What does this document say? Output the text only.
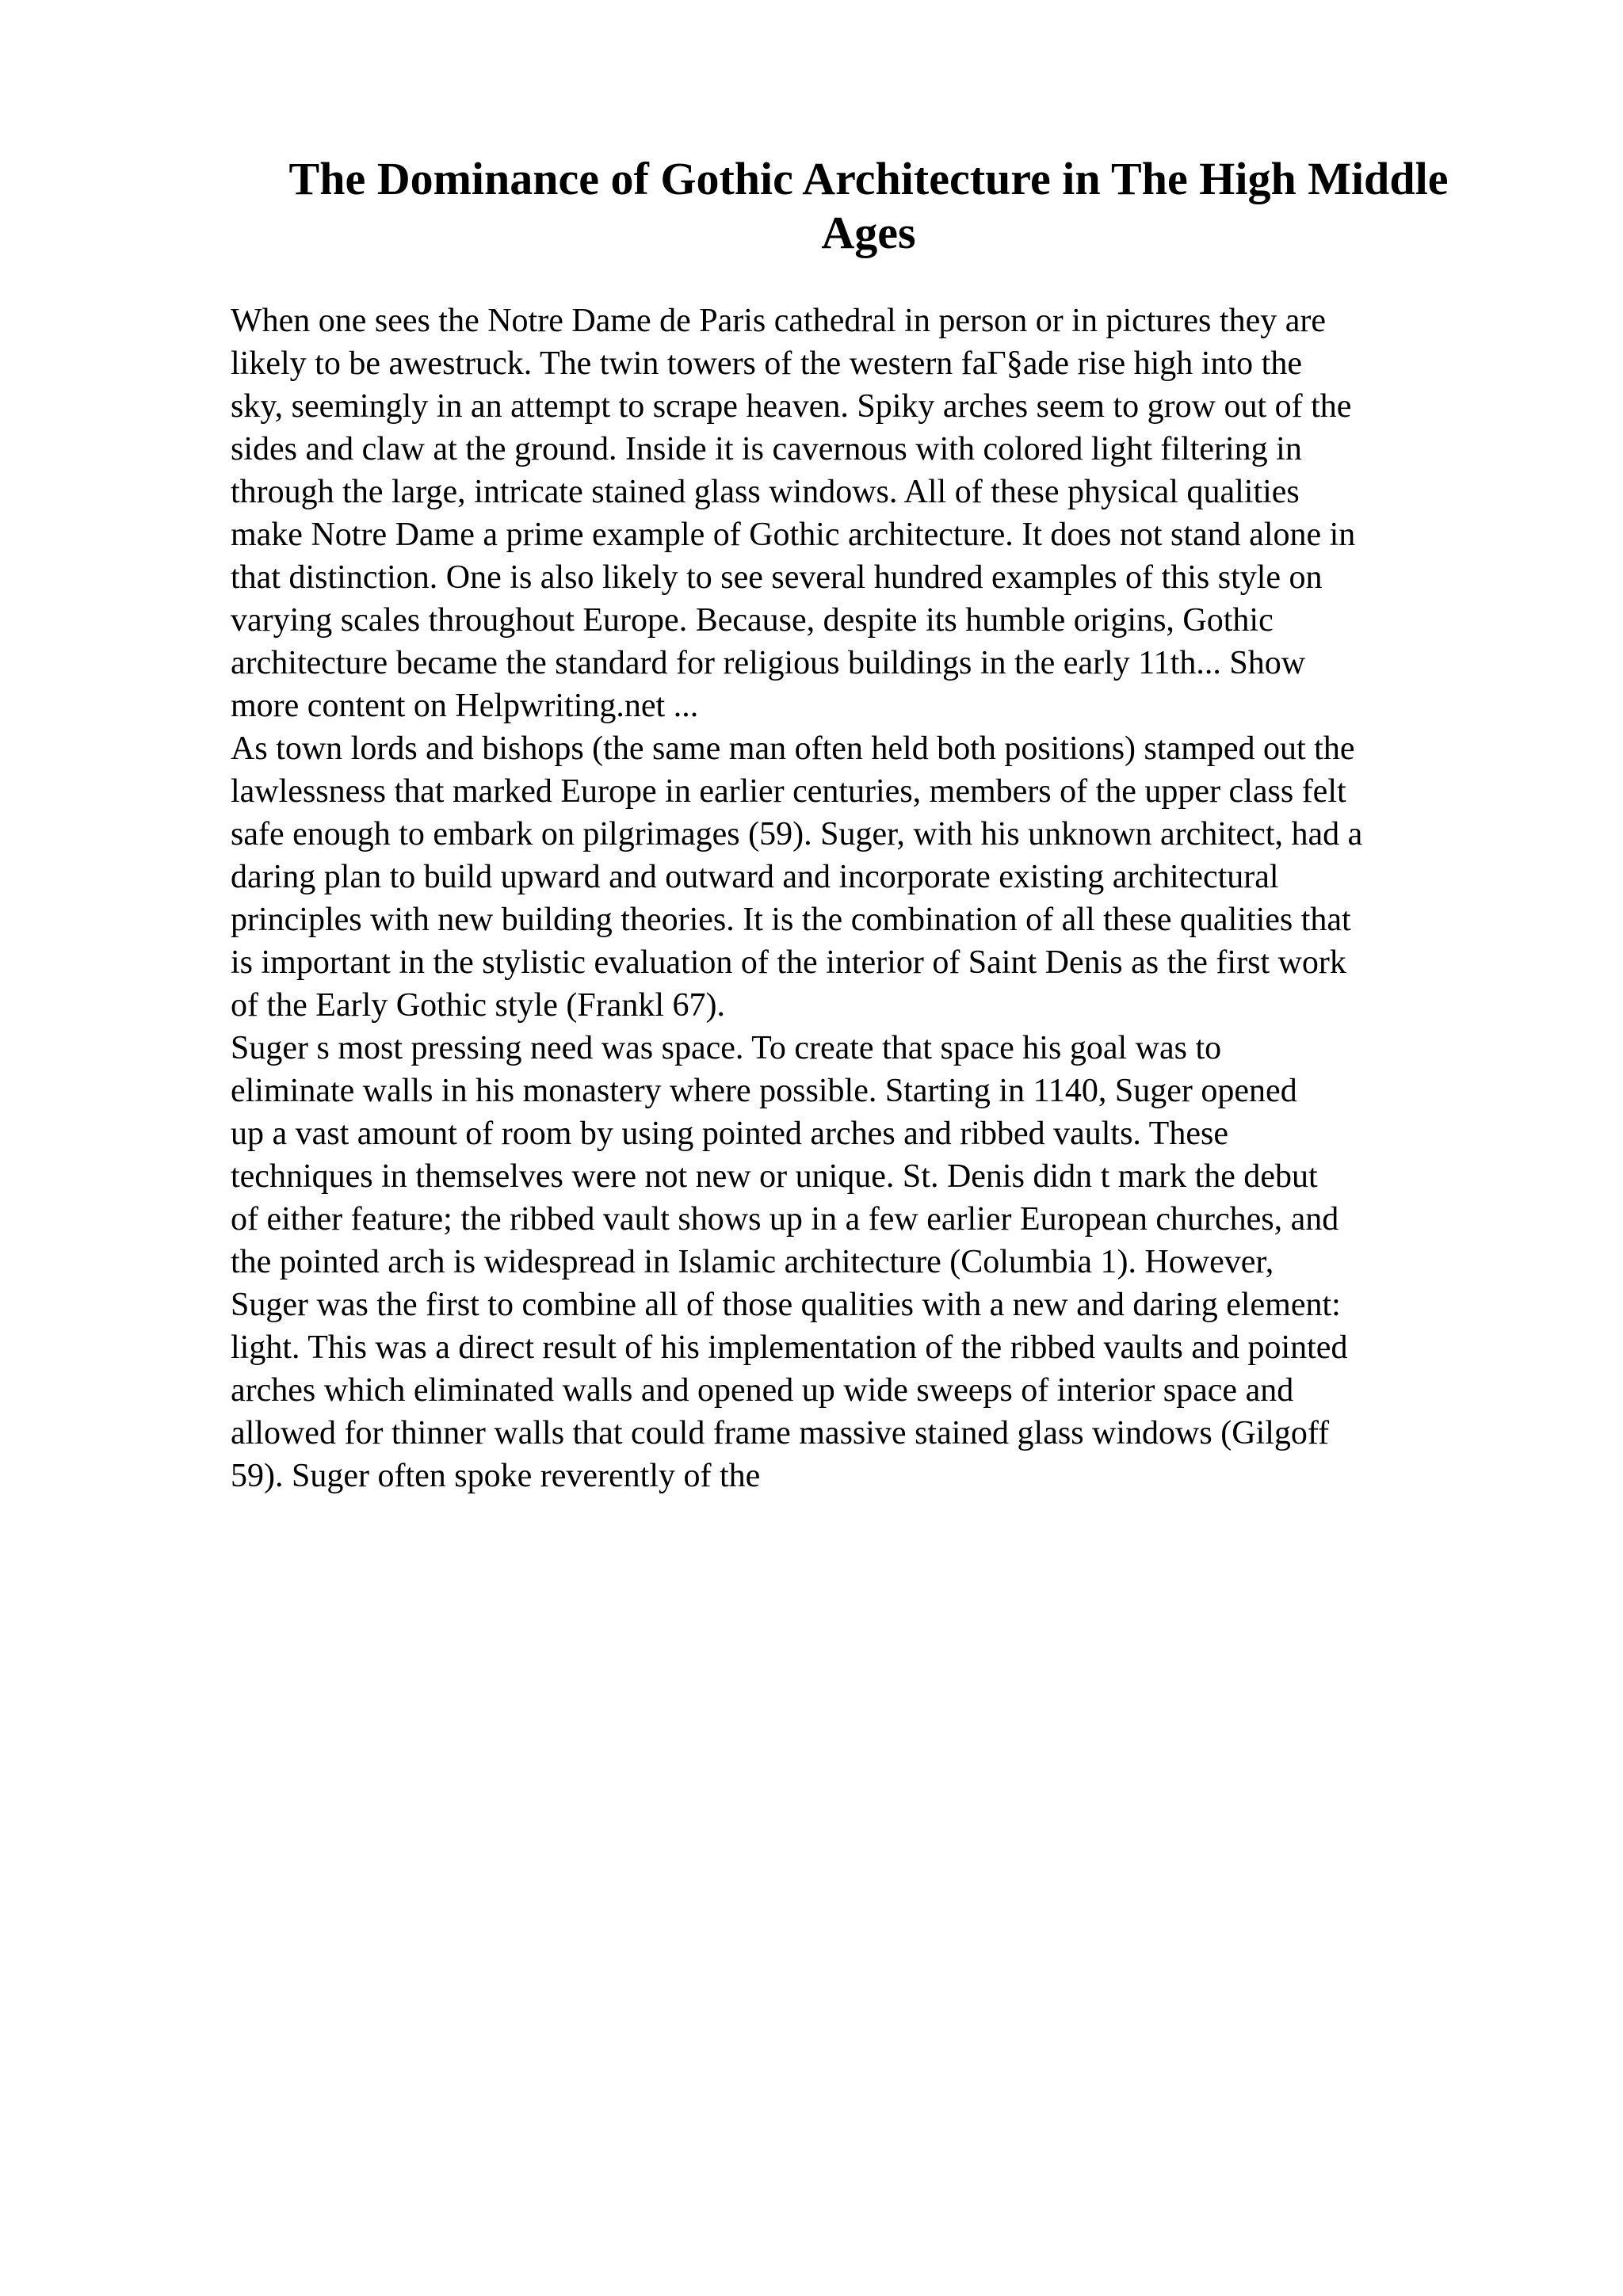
The Dominance of Gothic Architecture in The High Middle
Ages

When one sees the Notre Dame de Paris cathedral in person or in pictures they are
likely to be awestruck. The twin towers of the western faΓ§ade rise high into the
sky, seemingly in an attempt to scrape heaven. Spiky arches seem to grow out of the
sides and claw at the ground. Inside it is cavernous with colored light filtering in
through the large, intricate stained glass windows. All of these physical qualities
make Notre Dame a prime example of Gothic architecture. It does not stand alone in
that distinction. One is also likely to see several hundred examples of this style on
varying scales throughout Europe. Because, despite its humble origins, Gothic
architecture became the standard for religious buildings in the early 11th... Show
more content on Helpwriting.net ...

As town lords and bishops (the same man often held both positions) stamped out the
lawlessness that marked Europe in earlier centuries, members of the upper class felt
safe enough to embark on pilgrimages (59). Suger, with his unknown architect, had a
daring plan to build upward and outward and incorporate existing architectural
principles with new building theories. It is the combination of all these qualities that
is important in the stylistic evaluation of the interior of Saint Denis as the first work
of the Early Gothic style (Frankl 67).

Suger s most pressing need was space. To create that space his goal was to
eliminate walls in his monastery where possible. Starting in 1140, Suger opened
up a vast amount of room by using pointed arches and ribbed vaults. These
techniques in themselves were not new or unique. St. Denis didn t mark the debut
of either feature; the ribbed vault shows up in a few earlier European churches, and
the pointed arch is widespread in Islamic architecture (Columbia 1). However,
Suger was the first to combine all of those qualities with a new and daring element:
light. This was a direct result of his implementation of the ribbed vaults and pointed
arches which eliminated walls and opened up wide sweeps of interior space and
allowed for thinner walls that could frame massive stained glass windows (Gilgoff
59). Suger often spoke reverently of the
